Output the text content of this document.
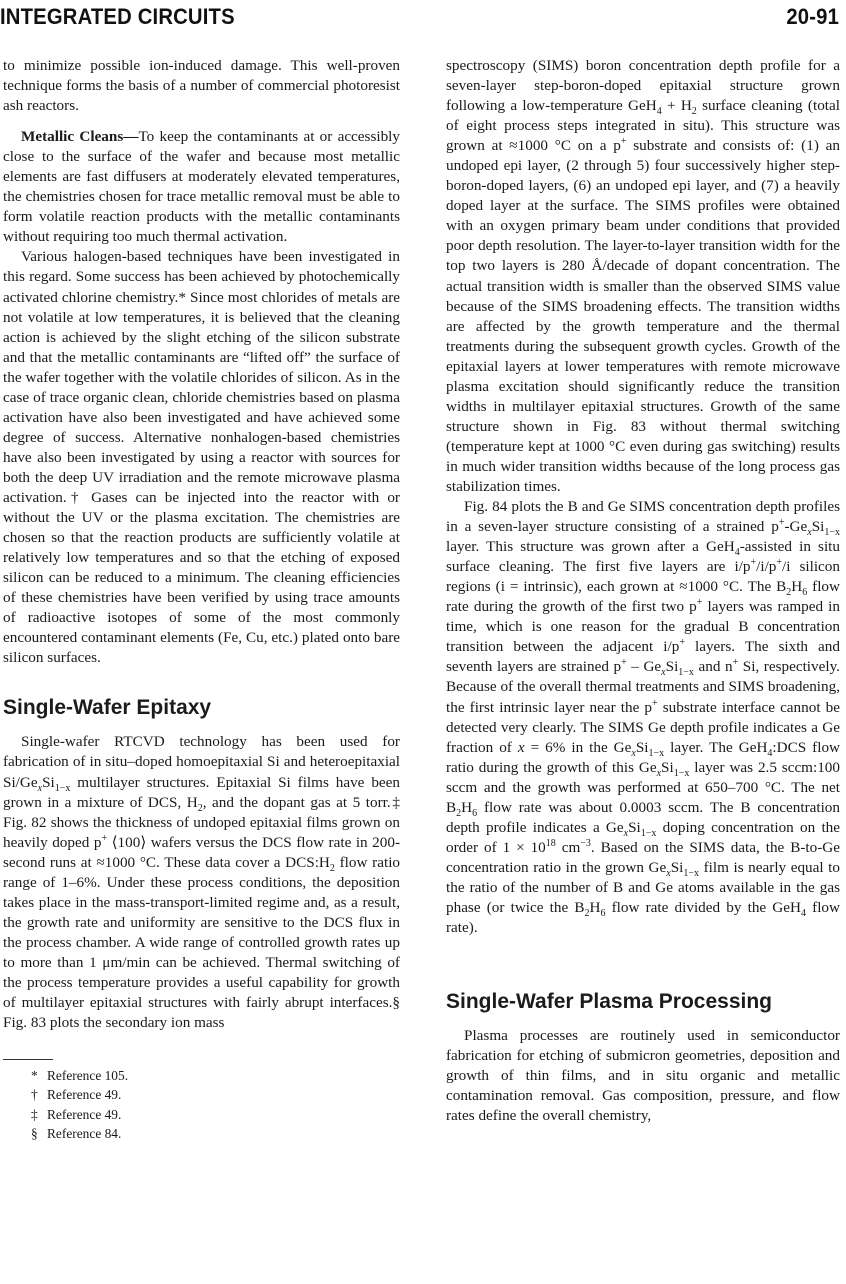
INTEGRATED CIRCUITS	20-91

to minimize possible ion-induced damage. This well-proven technique forms the basis of a number of commercial photoresist ash reactors.

Metallic Cleans—To keep the contaminants at or accessibly close to the surface of the wafer and because most metallic elements are fast diffusers at moderately elevated temperatures, the chemistries chosen for trace metallic removal must be able to form volatile reaction products with the metallic contaminants without requiring too much thermal activation.

Various halogen-based techniques have been investigated in this regard. Some success has been achieved by photochemically activated chlorine chemistry.* Since most chlorides of metals are not volatile at low temperatures, it is believed that the cleaning action is achieved by the slight etching of the silicon substrate and that the metallic contaminants are “lifted off” the surface of the wafer together with the volatile chlorides of silicon. As in the case of trace organic clean, chloride chemistries based on plasma activation have also been investigated and have achieved some degree of success. Alternative nonhalogen-based chemistries have also been investigated by using a reactor with sources for both the deep UV irradiation and the remote microwave plasma activation.† Gases can be injected into the reactor with or without the UV or the plasma excitation. The chemistries are chosen so that the reaction products are sufficiently volatile at relatively low temperatures and so that the etching of exposed silicon can be reduced to a minimum. The cleaning efficiencies of these chemistries have been verified by using trace amounts of radioactive isotopes of some of the most commonly encountered contaminant elements (Fe, Cu, etc.) plated onto bare silicon surfaces.

Single-Wafer Epitaxy

Single-wafer RTCVD technology has been used for fabrication of in situ–doped homoepitaxial Si and heteroepitaxial $Si/Ge_xSi_{1-x}$ multilayer structures. Epitaxial Si films have been grown in a mixture of DCS, $H_2$, and the dopant gas at 5 torr.‡ Fig. 82 shows the thickness of undoped epitaxial films grown on heavily doped p+ ⟨100⟩ wafers versus the DCS flow rate in 200-second runs at ≈1000 °C. These data cover a $DCS:H_2$ flow ratio range of 1–6%. Under these process conditions, the deposition takes place in the mass-transport-limited regime and, as a result, the growth rate and uniformity are sensitive to the DCS flux in the process chamber. A wide range of controlled growth rates up to more than 1 μm/min can be achieved. Thermal switching of the process temperature provides a useful capability for growth of multilayer epitaxial structures with fairly abrupt interfaces.§ Fig. 83 plots the secondary ion mass

* Reference 105.
† Reference 49.
‡ Reference 49.
§ Reference 84.

spectroscopy (SIMS) boron concentration depth profile for a seven-layer step-boron-doped epitaxial structure grown following a low-temperature $GeH_4 + H_2$ surface cleaning (total of eight process steps integrated in situ). This structure was grown at ≈1000 °C on a p+ substrate and consists of: (1) an undoped epi layer, (2 through 5) four successively higher step-boron-doped layers, (6) an undoped epi layer, and (7) a heavily doped layer at the surface. The SIMS profiles were obtained with an oxygen primary beam under conditions that provided poor depth resolution. The layer-to-layer transition width for the top two layers is 280 Å/decade of dopant concentration. The actual transition width is smaller than the observed SIMS value because of the SIMS broadening effects. The transition widths are affected by the growth temperature and the thermal treatments during the subsequent growth cycles. Growth of the epitaxial layers at lower temperatures with remote microwave plasma excitation should significantly reduce the transition widths in multilayer epitaxial structures. Growth of the same structure shown in Fig. 83 without thermal switching (temperature kept at 1000 °C even during gas switching) results in much wider transition widths because of the long process gas stabilization times.

Fig. 84 plots the B and Ge SIMS concentration depth profiles in a seven-layer structure consisting of a strained $p^+-Ge_xSi_{1-x}$ layer. This structure was grown after a GeH$_4$-assisted in situ surface cleaning. The first five layers are i/p+/i/p+/i silicon regions (i = intrinsic), each grown at ≈1000 °C. The $B_2H_6$ flow rate during the growth of the first two p+ layers was ramped in time, which is one reason for the gradual B concentration transition between the adjacent i/p+ layers. The sixth and seventh layers are strained $p^+ - Ge_xSi_{1-x}$ and n+ Si, respectively. Because of the overall thermal treatments and SIMS broadening, the first intrinsic layer near the p+ substrate interface cannot be detected very clearly. The SIMS Ge depth profile indicates a Ge fraction of x = 6% in the $Ge_xSi_{1-x}$ layer. The GeH$_4$:DCS flow ratio during the growth of this $Ge_xSi_{1-x}$ layer was 2.5 sccm:100 sccm and the growth was performed at 650–700 °C. The net $B_2H_6$ flow rate was about 0.0003 sccm. The B concentration depth profile indicates a $Ge_xSi_{1-x}$ doping concentration on the order of $1 \times 10^{18}$ $cm^{-3}$. Based on the SIMS data, the B-to-Ge concentration ratio in the grown $Ge_xSi_{1-x}$ film is nearly equal to the ratio of the number of B and Ge atoms available in the gas phase (or twice the $B_2H_6$ flow rate divided by the GeH$_4$ flow rate).

Single-Wafer Plasma Processing

Plasma processes are routinely used in semiconductor fabrication for etching of submicron geometries, deposition and growth of thin films, and in situ organic and metallic contamination removal. Gas composition, pressure, and flow rates define the overall chemistry,
